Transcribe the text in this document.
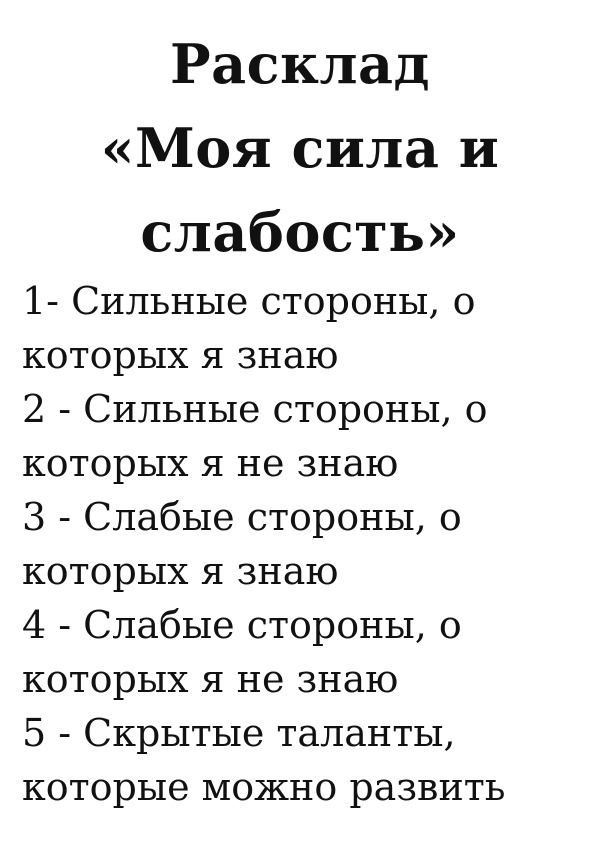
Расклад
«Моя сила и
слабость»
1- Сильные стороны, о
которых я знаю
2 - Сильные стороны, о
которых я не знаю
3 - Слабые стороны, о
которых я знаю
4 - Слабые стороны, о
которых я не знаю
5 - Скрытые таланты,
которые можно развить
